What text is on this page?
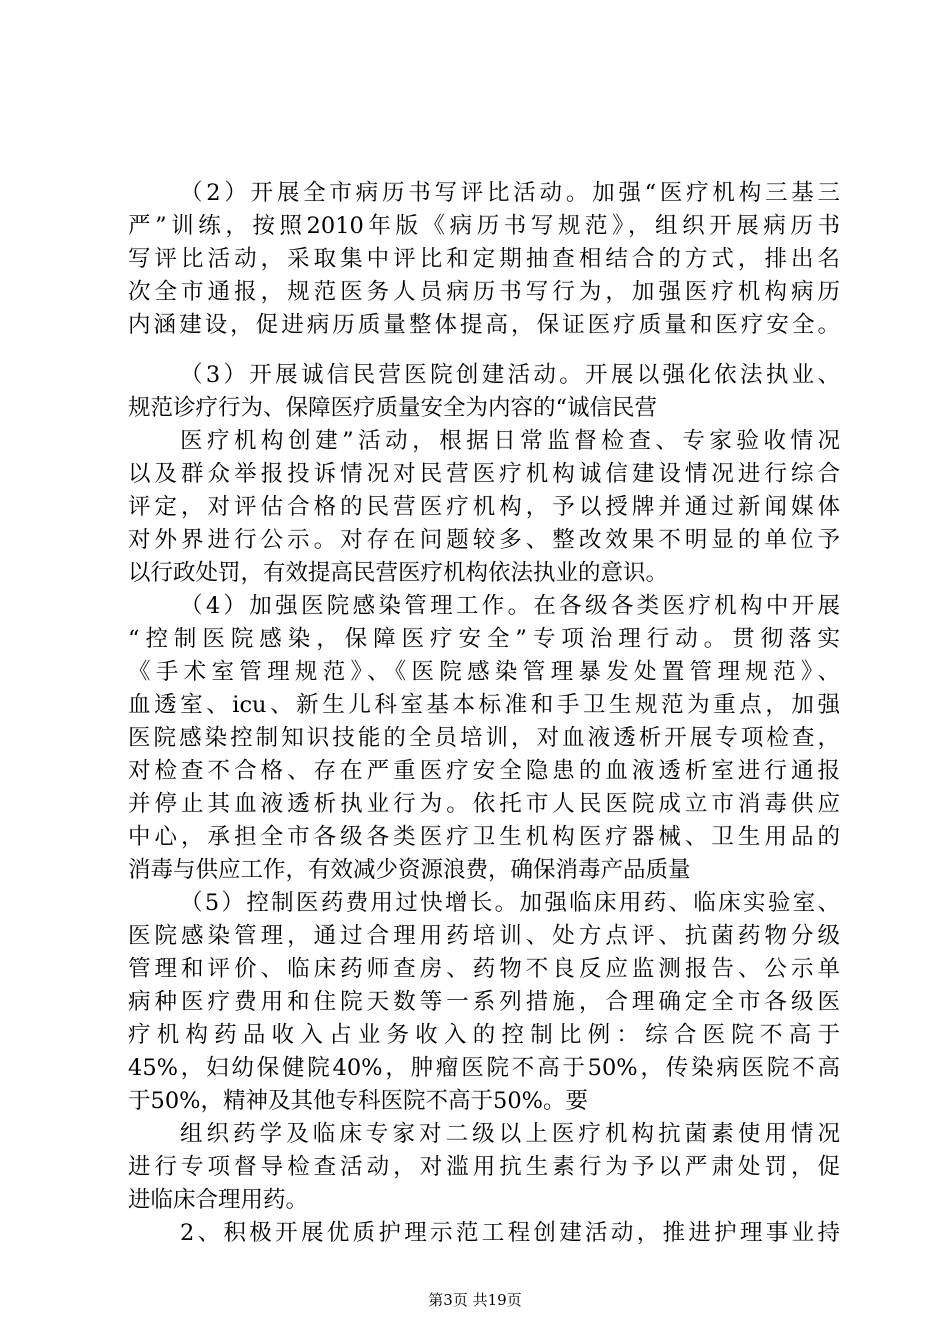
（2）开展全市病历书写评比活动。加强“医疗机构三基三
严”训练，按照2010年版《病历书写规范》，组织开展病历书
写评比活动，采取集中评比和定期抽查相结合的方式，排出名
次全市通报，规范医务人员病历书写行为，加强医疗机构病历
内涵建设，促进病历质量整体提高，保证医疗质量和医疗安全。
（3）开展诚信民营医院创建活动。开展以强化依法执业、
规范诊疗行为、保障医疗质量安全为内容的“诚信民营
医疗机构创建”活动，根据日常监督检查、专家验收情况
以及群众举报投诉情况对民营医疗机构诚信建设情况进行综合
评定，对评估合格的民营医疗机构，予以授牌并通过新闻媒体
对外界进行公示。对存在问题较多、整改效果不明显的单位予
以行政处罚，有效提高民营医疗机构依法执业的意识。
（4）加强医院感染管理工作。在各级各类医疗机构中开展
“控制医院感染，保障医疗安全”专项治理行动。贯彻落实
《手术室管理规范》、《医院感染管理暴发处置管理规范》、
血透室、icu、新生儿科室基本标准和手卫生规范为重点，加强
医院感染控制知识技能的全员培训，对血液透析开展专项检查，
对检查不合格、存在严重医疗安全隐患的血液透析室进行通报
并停止其血液透析执业行为。依托市人民医院成立市消毒供应
中心，承担全市各级各类医疗卫生机构医疗器械、卫生用品的
消毒与供应工作，有效减少资源浪费，确保消毒产品质量
（5）控制医药费用过快增长。加强临床用药、临床实验室、
医院感染管理，通过合理用药培训、处方点评、抗菌药物分级
管理和评价、临床药师查房、药物不良反应监测报告、公示单
病种医疗费用和住院天数等一系列措施，合理确定全市各级医
疗机构药品收入占业务收入的控制比例：综合医院不高于
45%，妇幼保健院40%，肿瘤医院不高于50%，传染病医院不高
于50%，精神及其他专科医院不高于50%。要
组织药学及临床专家对二级以上医疗机构抗菌素使用情况
进行专项督导检查活动，对滥用抗生素行为予以严肃处罚，促
进临床合理用药。
2、积极开展优质护理示范工程创建活动，推进护理事业持
第3页 共19页
